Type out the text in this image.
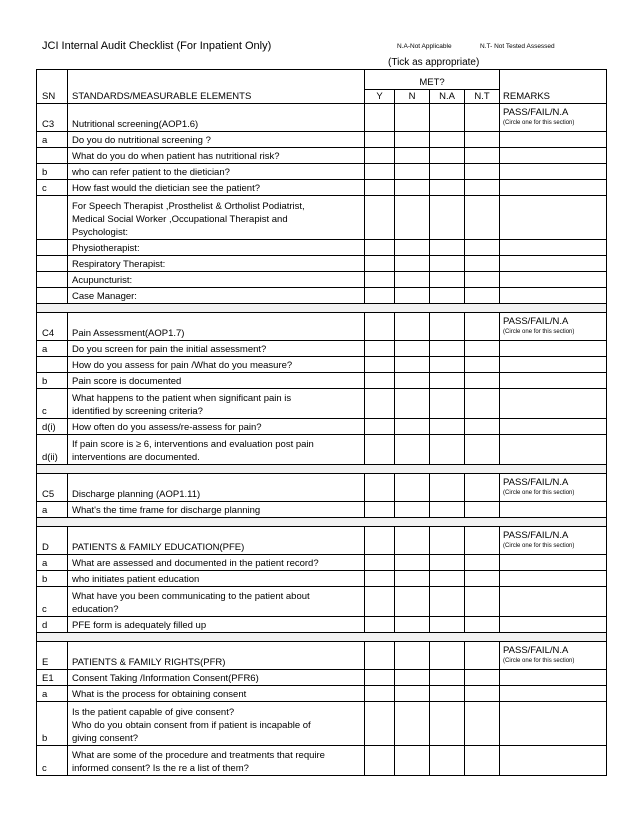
JCI Internal Audit Checklist (For Inpatient Only)	N.A-Not Applicable	N.T- Not Tested Assessed
(Tick as appropriate)
SN	STANDARDS/MEASURABLE ELEMENTS	MET?				REMARKS
		Y	N	N.A	N.T	
C3	Nutritional screening(AOP1.6)					PASS/FAIL/N.A
(Circle one for this section)

a	Do you do nutritional screening ?					

	What do you do when patient has nutritional risk?					

b	who can refer patient to the dietician?					

c	How fast would the dietician see the patient?					

	For Speech Therapist ,Prosthelist & Ortholist Podiatrist,
Medical Social Worker ,Occupational Therapist and
Psychologist:					

	Physiotherapist:					

	Respiratory Therapist:					

	Acupuncturist:					

	Case Manager:					

C4	Pain Assessment(AOP1.7)					PASS/FAIL/N.A
(Circle one for this section)

a	Do you screen for pain the initial assessment?					

	How do you assess for pain /What do you measure?					

b	Pain score is documented					

c	What happens to the patient when significant pain is
identified by screening criteria?					

d(i)	How often do you assess/re-assess for pain?					

d(ii)	If pain score is ≥ 6, interventions and evaluation post pain
interventions are documented.					

C5	Discharge planning (AOP1.11)					PASS/FAIL/N.A
(Circle one for this section)

a	What's the time frame for discharge planning					

D	PATIENTS & FAMILY EDUCATION(PFE)					PASS/FAIL/N.A
(Circle one for this section)

a	What are assessed and documented in the patient record?					

b	who initiates patient education					

c	What have you been communicating to the patient about
education?					

d	PFE form is adequately filled up					

E	PATIENTS & FAMILY RIGHTS(PFR)					PASS/FAIL/N.A
(Circle one for this section)

E1	Consent Taking /Information Consent(PFR6)					
a	What is the process for obtaining consent					

b	Is the patient capable of give consent?
Who do you obtain consent from if patient is incapable of
giving consent?					

c	What are some of the procedure and treatments that require
informed consent? Is the re a list of them?					
